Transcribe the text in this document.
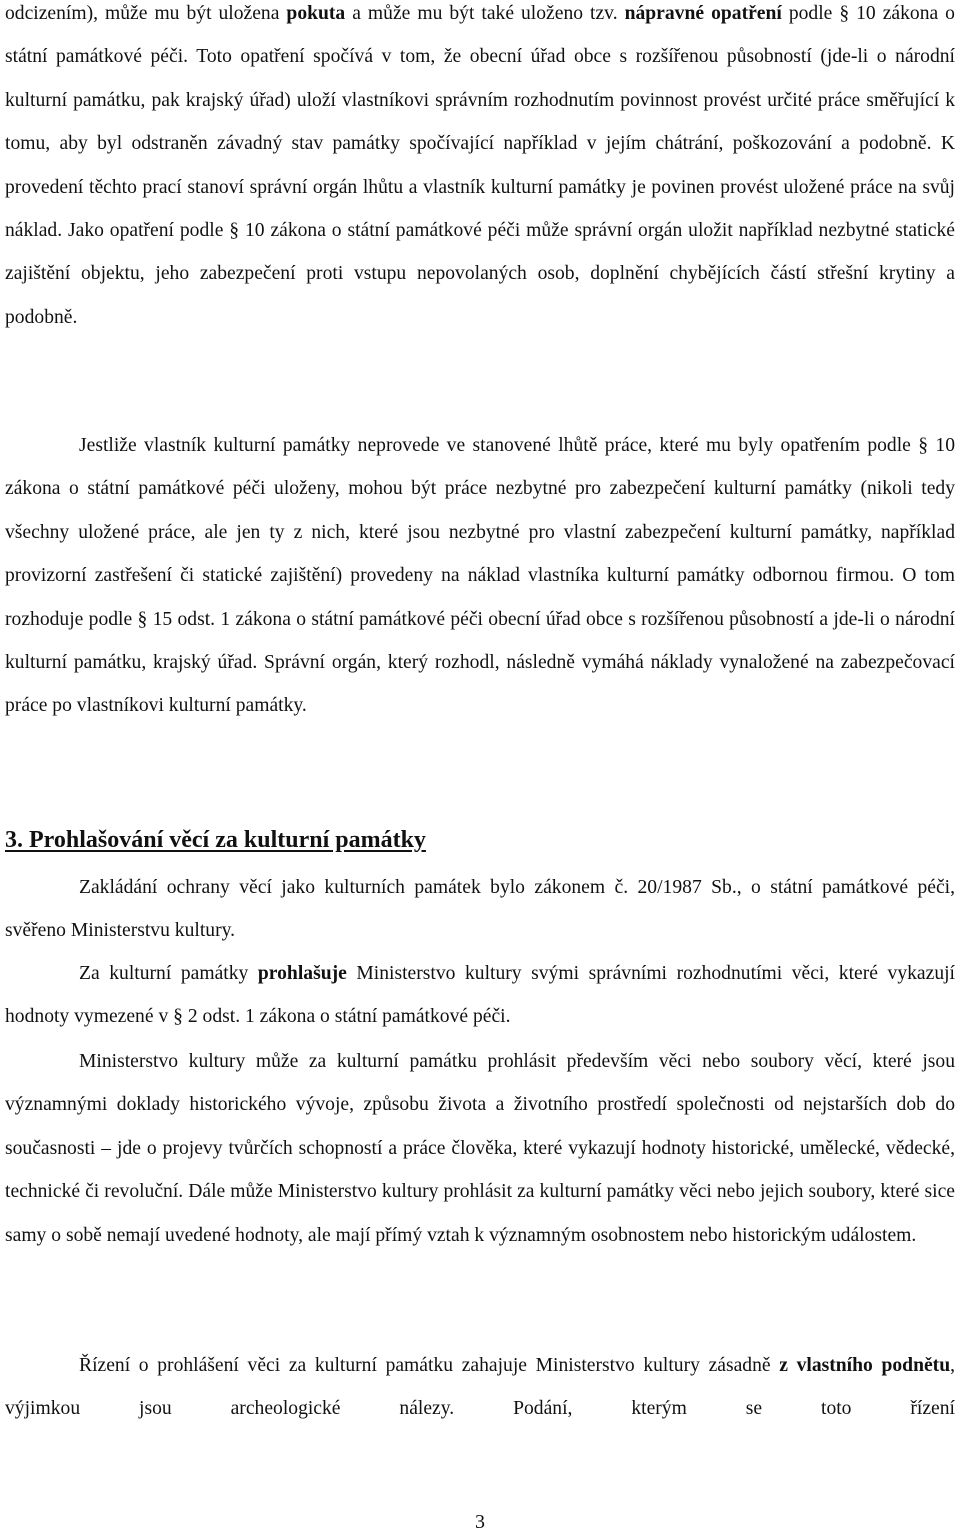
odcizením), může mu být uložena pokuta a může mu být také uloženo tzv. nápravné opatření podle § 10 zákona o státní památkové péči. Toto opatření spočívá v tom, že obecní úřad obce s rozšířenou působností (jde-li o národní kulturní památku, pak krajský úřad) uloží vlastníkovi správním rozhodnutím povinnost provést určité práce směřující k tomu, aby byl odstraněn závadný stav památky spočívající například v jejím chátrání, poškozování a podobně. K provedení těchto prací stanoví správní orgán lhůtu a vlastník kulturní památky je povinen provést uložené práce na svůj náklad. Jako opatření podle § 10 zákona o státní památkové péči může správní orgán uložit například nezbytné statické zajištění objektu, jeho zabezpečení proti vstupu nepovolaných osob, doplnění chybějících částí střešní krytiny a podobně.

Jestliže vlastník kulturní památky neprovede ve stanovené lhůtě práce, které mu byly opatřením podle § 10 zákona o státní památkové péči uloženy, mohou být práce nezbytné pro zabezpečení kulturní památky (nikoli tedy všechny uložené práce, ale jen ty z nich, které jsou nezbytné pro vlastní zabezpečení kulturní památky, například provizorní zastřešení či statické zajištění) provedeny na náklad vlastníka kulturní památky odbornou firmou. O tom rozhoduje podle § 15 odst. 1 zákona o státní památkové péči obecní úřad obce s rozšířenou působností a jde-li o národní kulturní památku, krajský úřad. Správní orgán, který rozhodl, následně vymáhá náklady vynaložené na zabezpečovací práce po vlastníkovi kulturní památky.

3. Prohlašování věcí za kulturní památky

Zakládání ochrany věcí jako kulturních památek bylo zákonem č. 20/1987 Sb., o státní památkové péči, svěřeno Ministerstvu kultury.

Za kulturní památky prohlašuje Ministerstvo kultury svými správními rozhodnutími věci, které vykazují hodnoty vymezené v § 2 odst. 1 zákona o státní památkové péči.

Ministerstvo kultury může za kulturní památku prohlásit především věci nebo soubory věcí, které jsou významnými doklady historického vývoje, způsobu života a životního prostředí společnosti od nejstarších dob do současnosti – jde o projevy tvůrčích schopností a práce člověka, které vykazují hodnoty historické, umělecké, vědecké, technické či revoluční. Dále může Ministerstvo kultury prohlásit za kulturní památky věci nebo jejich soubory, které sice samy o sobě nemají uvedené hodnoty, ale mají přímý vztah k významným osobnostem nebo historickým událostem.

Řízení o prohlášení věci za kulturní památku zahajuje Ministerstvo kultury zásadně z vlastního podnětu, výjimkou jsou archeologické nálezy. Podání, kterým se toto řízení

3
